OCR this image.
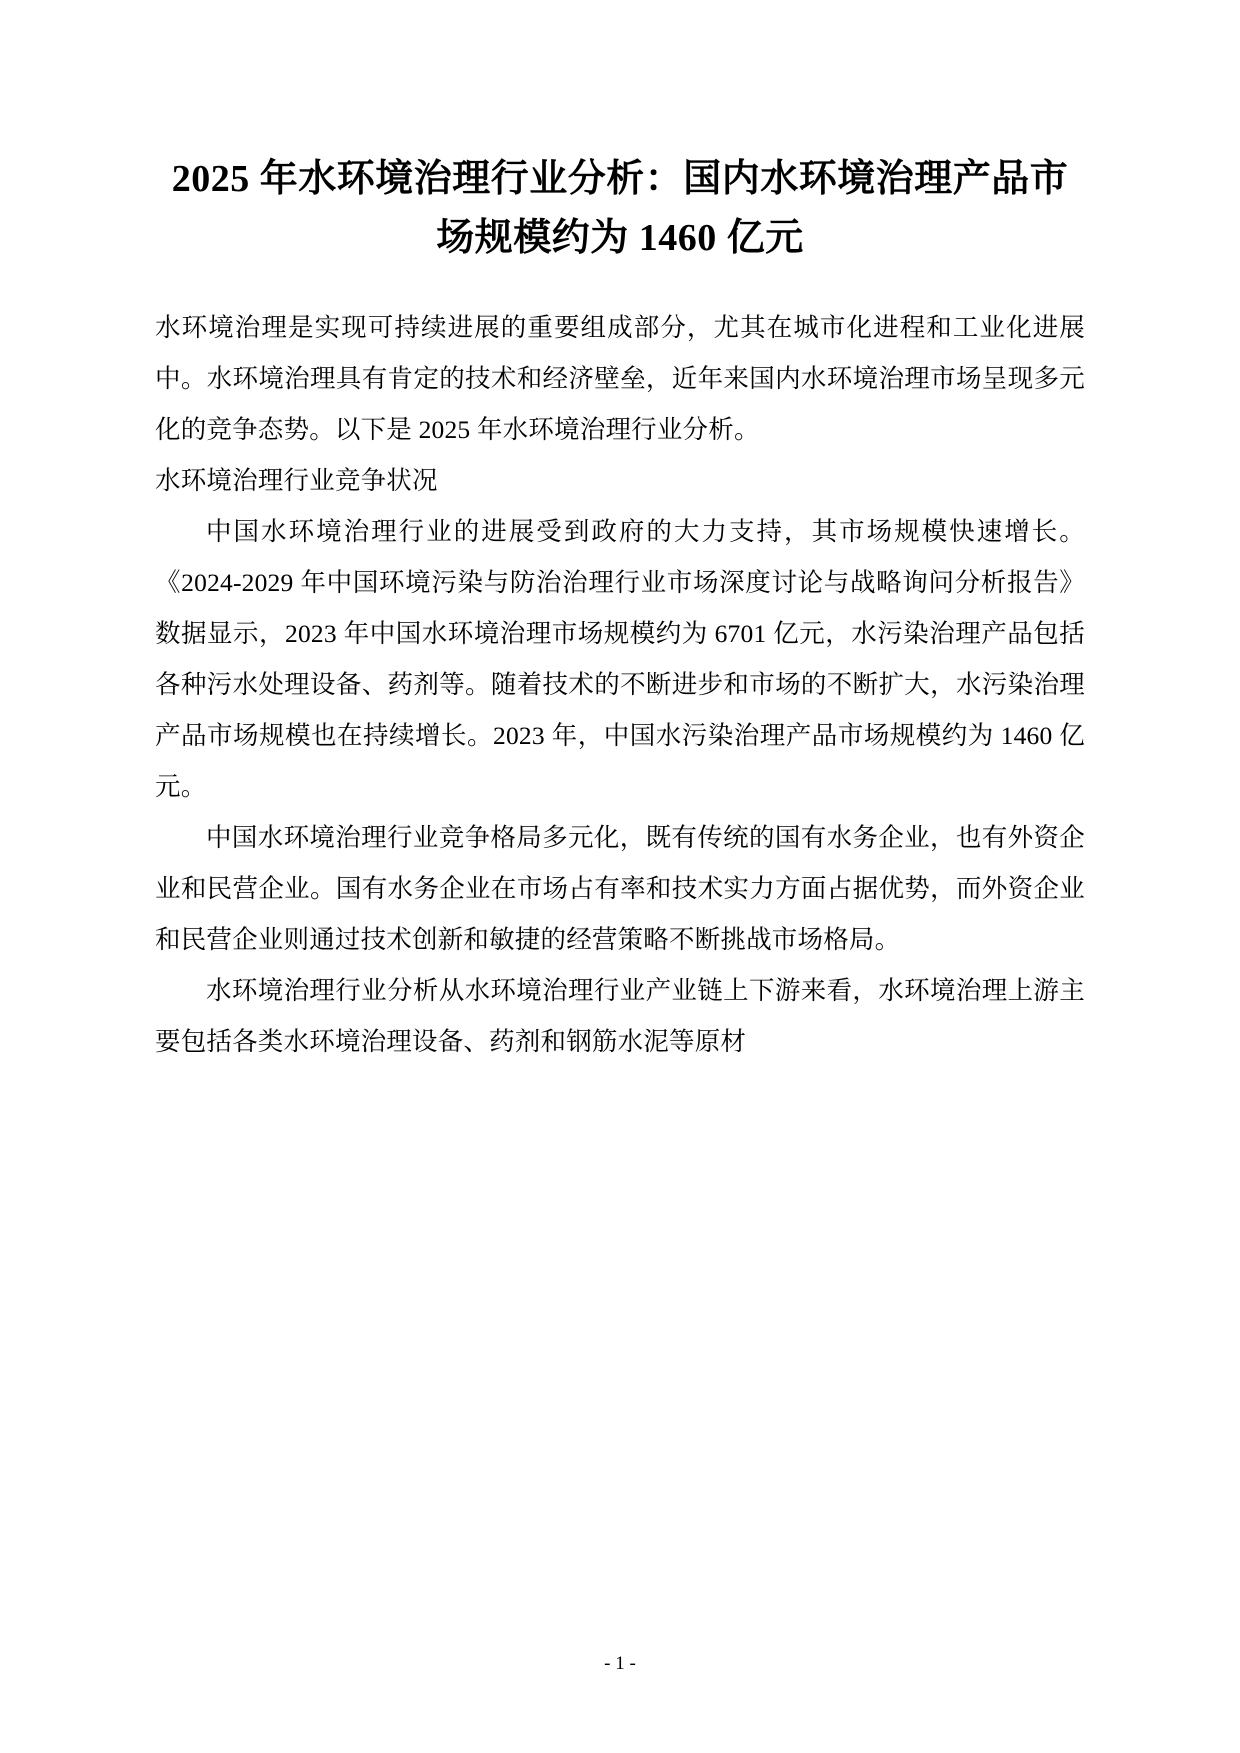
2025 年水环境治理行业分析：国内水环境治理产品市场规模约为 1460 亿元

水环境治理是实现可持续进展的重要组成部分，尤其在城市化进程和工业化进展中。水环境治理具有肯定的技术和经济壁垒，近年来国内水环境治理市场呈现多元化的竞争态势。以下是 2025 年水环境治理行业分析。

水环境治理行业竞争状况

中国水环境治理行业的进展受到政府的大力支持，其市场规模快速增长。《2024-2029 年中国环境污染与防治治理行业市场深度讨论与战略询问分析报告》数据显示，2023 年中国水环境治理市场规模约为 6701 亿元，水污染治理产品包括各种污水处理设备、药剂等。随着技术的不断进步和市场的不断扩大，水污染治理产品市场规模也在持续增长。2023 年，中国水污染治理产品市场规模约为 1460 亿元。

中国水环境治理行业竞争格局多元化，既有传统的国有水务企业，也有外资企业和民营企业。国有水务企业在市场占有率和技术实力方面占据优势，而外资企业和民营企业则通过技术创新和敏捷的经营策略不断挑战市场格局。

水环境治理行业分析从水环境治理行业产业链上下游来看，水环境治理上游主要包括各类水环境治理设备、药剂和钢筋水泥等原材

- 1 -
